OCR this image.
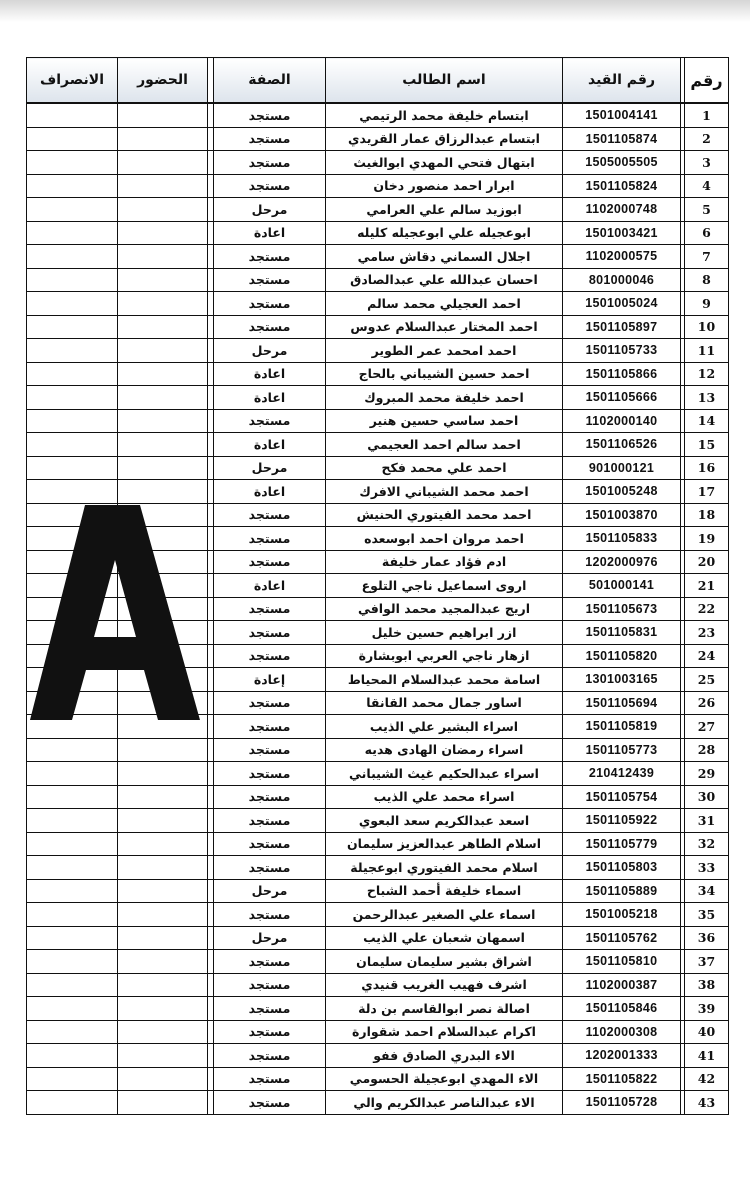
رقم		رقم القيد	اسم الطالب	الصفة		الحضور	الانصراف
1		1501004141	ابتسام خليفة محمد الرتيمي	مستجد			
2		1501105874	ابتسام عبدالرزاق عمار القريدي	مستجد			
3		1505005505	ابتهال فتحي المهدي ابوالغيث	مستجد			
4		1501105824	ابرار احمد منصور دخان	مستجد			
5		1102000748	ابوزيد سالم علي العرامي	مرحل			
6		1501003421	ابوعجيله علي ابوعجيله كليله	اعادة			
7		1102000575	اجلال السماني دقاش سامي	مستجد			
8		801000046	احسان عبدالله علي عبدالصادق	مستجد			
9		1501005024	احمد العجيلي محمد سالم	مستجد			
10		1501105897	احمد المختار عبدالسلام عدوس	مستجد			
11		1501105733	احمد امحمد عمر الطوير	مرحل			
12		1501105866	احمد حسين الشيباني بالحاج	اعادة			
13		1501105666	احمد خليفة محمد المبروك	اعادة			
14		1102000140	احمد ساسي حسين هنير	مستجد			
15		1501106526	احمد سالم احمد العجيمي	اعادة			
16		901000121	احمد علي محمد فكح	مرحل			
17		1501005248	احمد محمد الشيباني الافرك	اعادة			
18		1501003870	احمد محمد الفيتوري الحنيش	مستجد			
19		1501105833	احمد مروان احمد ابوسعده	مستجد			
20		1202000976	ادم فؤاد عمار خليفة	مستجد			
21		501000141	اروى اسماعيل ناجي التلوع	اعادة			
22		1501105673	اريج عبدالمجيد محمد الوافي	مستجد			
23		1501105831	ازر ابراهيم حسين خليل	مستجد			
24		1501105820	ازهار ناجي العربي ابوبشارة	مستجد			
25		1301003165	اسامة محمد عبدالسلام المحياط	إعادة			
26		1501105694	اساور جمال محمد القانقا	مستجد			
27		1501105819	اسراء البشير علي الذيب	مستجد			
28		1501105773	اسراء رمضان الهادى هديه	مستجد			
29		210412439	اسراء عبدالحكيم غيث الشيباني	مستجد			
30		1501105754	اسراء محمد علي الذيب	مستجد			
31		1501105922	اسعد عبدالكريم سعد البعوي	مستجد			
32		1501105779	اسلام الطاهر عبدالعزيز سليمان	مستجد			
33		1501105803	اسلام محمد الفيتوري ابوعجيلة	مستجد			
34		1501105889	اسماء خليفة أحمد الشباح	مرحل			
35		1501005218	اسماء علي الصغير عبدالرحمن	مستجد			
36		1501105762	اسمهان شعبان علي الذيب	مرحل			
37		1501105810	اشراق بشير سليمان سليمان	مستجد			
38		1102000387	اشرف فهيب الغريب قنيدي	مستجد			
39		1501105846	اصالة نصر ابوالقاسم بن دلة	مستجد			
40		1102000308	اكرام عبدالسلام احمد شقوارة	مستجد			
41		1202001333	الاء البدري الصادق ففو	مستجد			
42		1501105822	الاء المهدي ابوعجيلة الحسومي	مستجد			
43		1501105728	الاء عبدالناصر عبدالكريم والي	مستجد			
A
